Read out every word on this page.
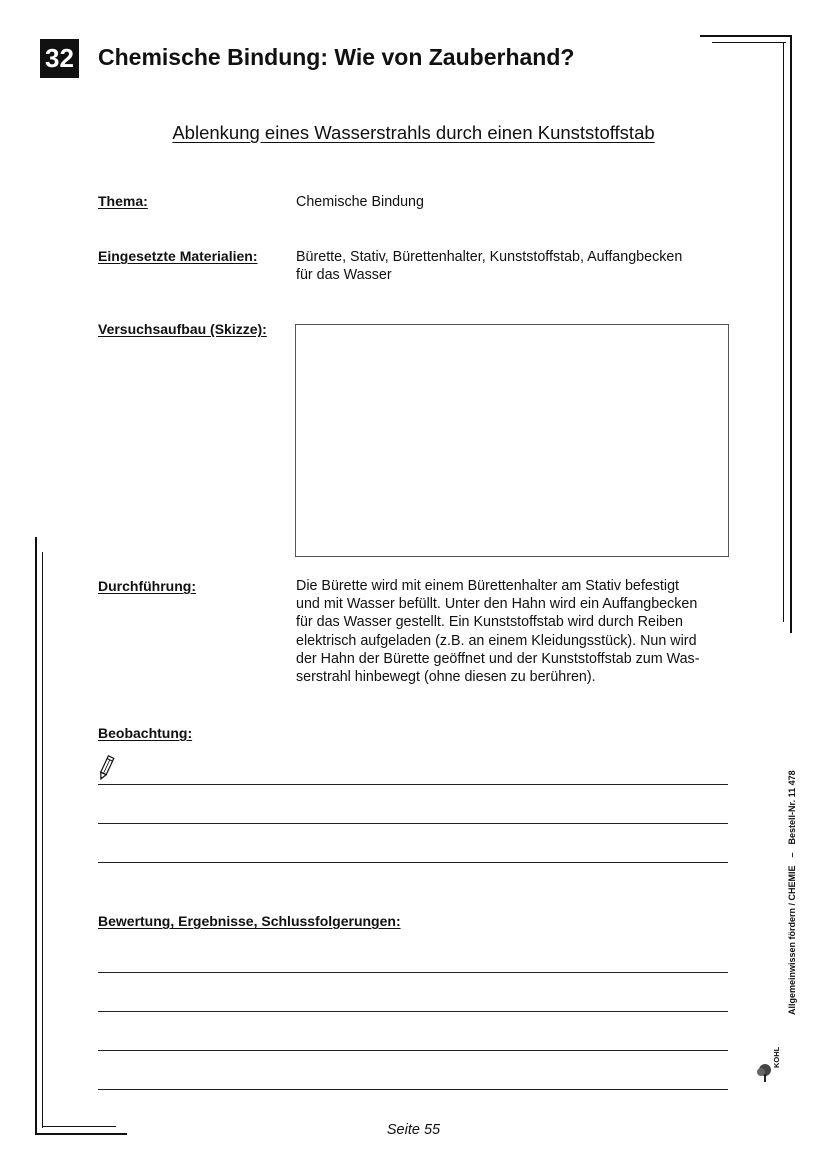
32 Chemische Bindung: Wie von Zauberhand?
Ablenkung eines Wasserstrahls durch einen Kunststoffstab
Thema:	Chemische Bindung
Eingesetzte Materialien:	Bürette, Stativ, Bürettenhalter, Kunststoffstab, Auffangbecken
für das Wasser
Versuchsaufbau (Skizze):
Durchführung:	Die Bürette wird mit einem Bürettenhalter am Stativ befestigt
und mit Wasser befüllt. Unter den Hahn wird ein Auffangbecken
für das Wasser gestellt. Ein Kunststoffstab wird durch Reiben
elektrisch aufgeladen (z.B. an einem Kleidungsstück). Nun wird
der Hahn der Bürette geöffnet und der Kunststoffstab zum Was-
serstrahl hinbewegt (ohne diesen zu berühren).
Beobachtung:
Bewertung, Ergebnisse, Schlussfolgerungen:
Seite 55
Allgemeinwissen fördern / CHEMIE–Bestell-Nr. 11 478
KOHL
